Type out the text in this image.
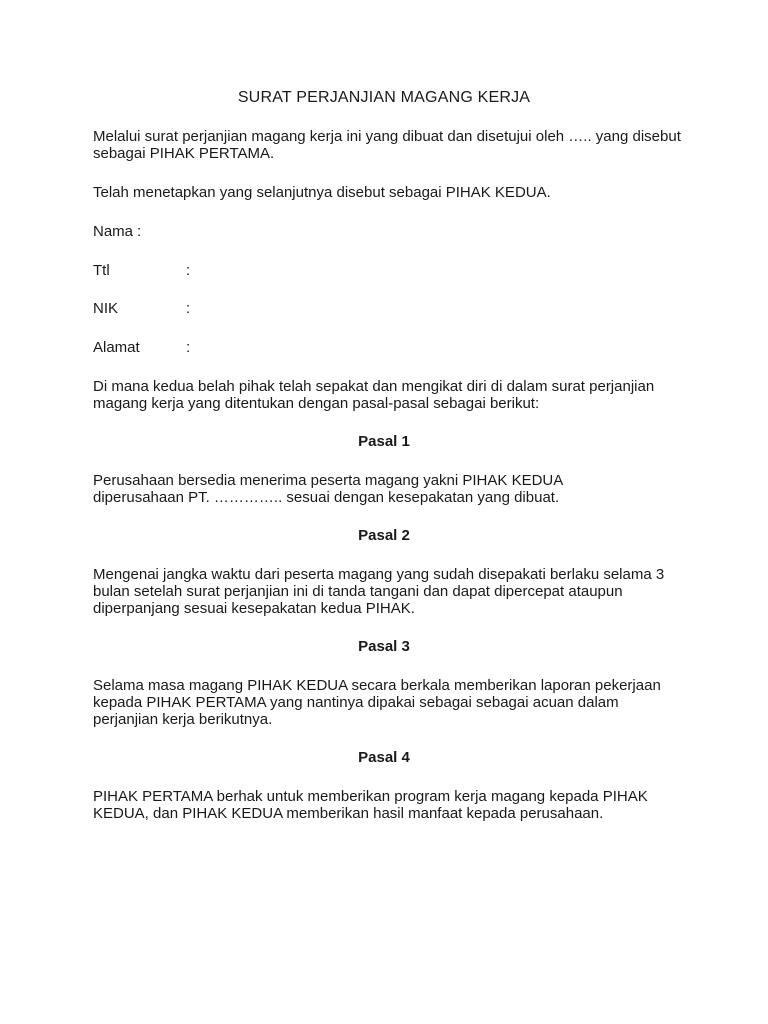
SURAT PERJANJIAN MAGANG KERJA

Melalui surat perjanjian magang kerja ini yang dibuat dan disetujui oleh ….. yang disebut sebagai PIHAK PERTAMA.

Telah menetapkan yang selanjutnya disebut sebagai PIHAK KEDUA.

Nama :
Ttl	:
NIK	:
Alamat	:

Di mana kedua belah pihak telah sepakat dan mengikat diri di dalam surat perjanjian magang kerja yang ditentukan dengan pasal-pasal sebagai berikut:

Pasal 1

Perusahaan bersedia menerima peserta magang yakni PIHAK KEDUA diperusahaan PT. ………….. sesuai dengan kesepakatan yang dibuat.

Pasal 2

Mengenai jangka waktu dari peserta magang yang sudah disepakati berlaku selama 3 bulan setelah surat perjanjian ini di tanda tangani dan dapat dipercepat ataupun diperpanjang sesuai kesepakatan kedua PIHAK.

Pasal 3

Selama masa magang PIHAK KEDUA secara berkala memberikan laporan pekerjaan kepada PIHAK PERTAMA yang nantinya dipakai sebagai sebagai acuan dalam perjanjian kerja berikutnya.

Pasal 4

PIHAK PERTAMA berhak untuk memberikan program kerja magang kepada PIHAK KEDUA, dan PIHAK KEDUA memberikan hasil manfaat kepada perusahaan.
